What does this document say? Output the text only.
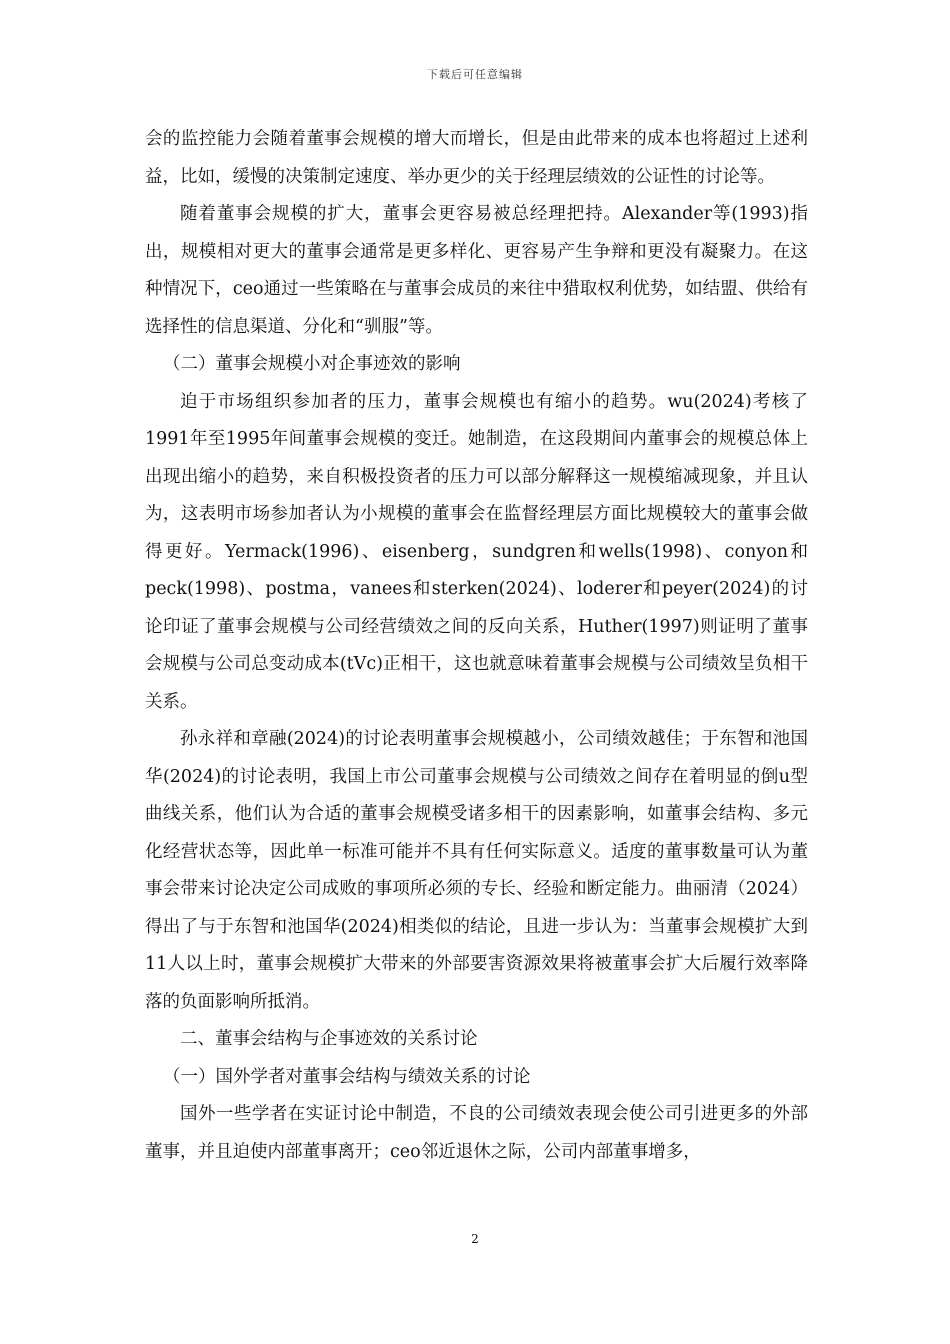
下载后可任意编辑

会的监控能力会随着董事会规模的增大而增长，但是由此带来的成本也将超过上述利益，比如，缓慢的决策制定速度、举办更少的关于经理层绩效的公证性的讨论等。

随着董事会规模的扩大，董事会更容易被总经理把持。Alexander等(1993)指出，规模相对更大的董事会通常是更多样化、更容易产生争辩和更没有凝聚力。在这种情况下，ceo通过一些策略在与董事会成员的来往中猎取权利优势，如结盟、供给有选择性的信息渠道、分化和“驯服”等。

（二）董事会规模小对企事迹效的影响

迫于市场组织参加者的压力，董事会规模也有缩小的趋势。wu(2024)考核了1991年至1995年间董事会规模的变迁。她制造，在这段期间内董事会的规模总体上出现出缩小的趋势，来自积极投资者的压力可以部分解释这一规模缩减现象，并且认为，这表明市场参加者认为小规模的董事会在监督经理层方面比规模较大的董事会做得更好。Yermack(1996)、eisenberg，sundgren和wells(1998)、conyon和peck(1998)、postma，vanees和sterken(2024)、loderer和peyer(2024)的讨论印证了董事会规模与公司经营绩效之间的反向关系，Huther(1997)则证明了董事会规模与公司总变动成本(tVc)正相干，这也就意味着董事会规模与公司绩效呈负相干关系。

孙永祥和章融(2024)的讨论表明董事会规模越小，公司绩效越佳；于东智和池国华(2024)的讨论表明，我国上市公司董事会规模与公司绩效之间存在着明显的倒u型曲线关系，他们认为合适的董事会规模受诸多相干的因素影响，如董事会结构、多元化经营状态等，因此单一标准可能并不具有任何实际意义。适度的董事数量可认为董事会带来讨论决定公司成败的事项所必须的专长、经验和断定能力。曲丽清（2024）得出了与于东智和池国华(2024)相类似的结论，且进一步认为：当董事会规模扩大到11人以上时，董事会规模扩大带来的外部要害资源效果将被董事会扩大后履行效率降落的负面影响所抵消。

二、董事会结构与企事迹效的关系讨论

（一）国外学者对董事会结构与绩效关系的讨论

国外一些学者在实证讨论中制造，不良的公司绩效表现会使公司引进更多的外部董事，并且迫使内部董事离开；ceo邻近退休之际，公司内部董事增多，

2
